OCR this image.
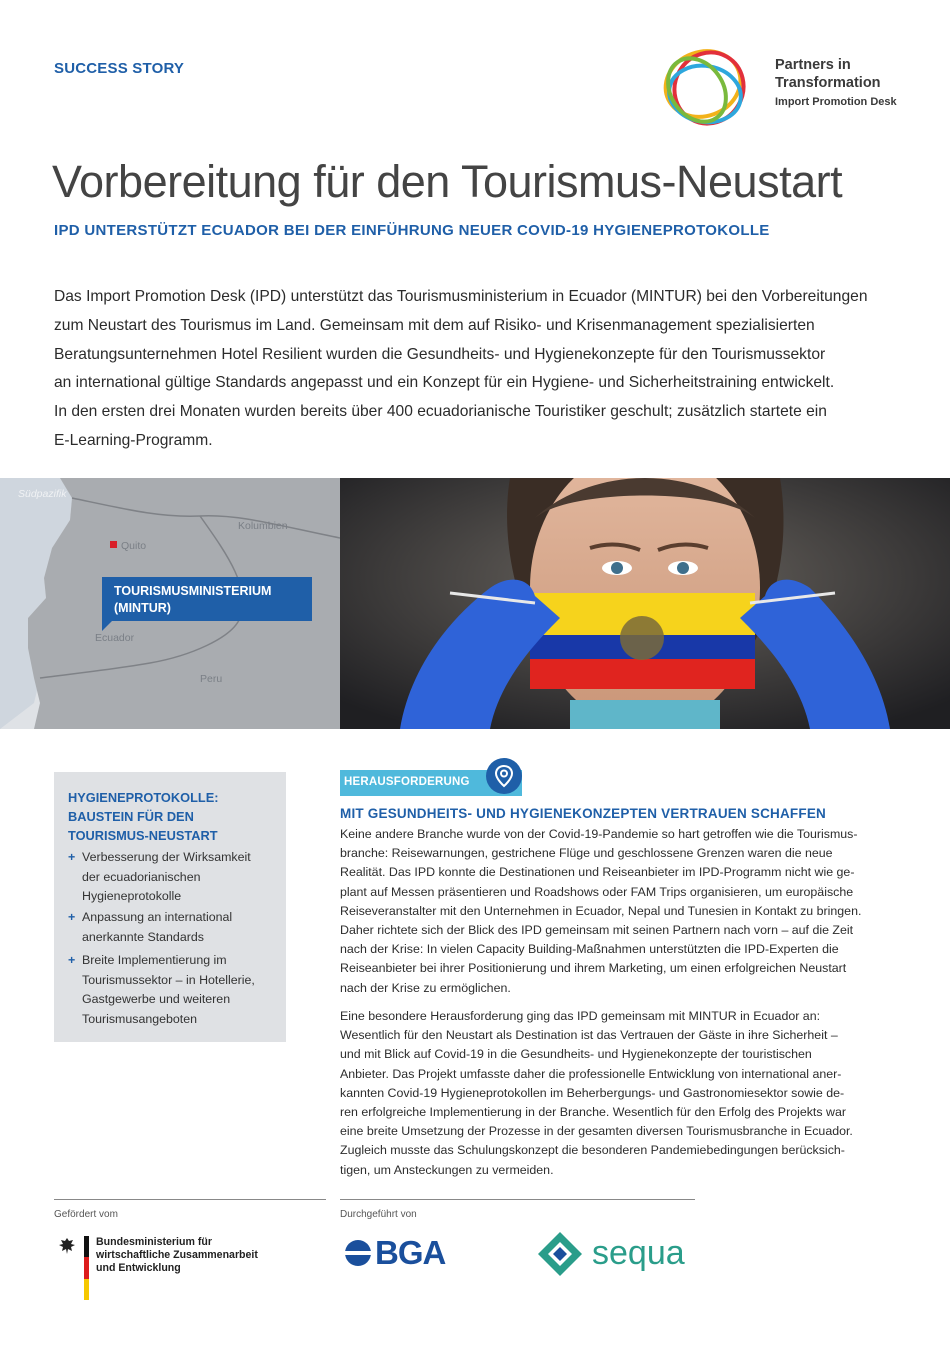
SUCCESS STORY	Partners in
Transformation
Import Promotion Desk
Vorbereitung für den Tourismus-Neustart
IPD UNTERSTÜTZT ECUADOR BEI DER EINFÜHRUNG NEUER COVID-19 HYGIENEPROTOKOLLE

Das Import Promotion Desk (IPD) unterstützt das Tourismusministerium in Ecuador (MINTUR) bei den Vorbereitungen

zum Neustart des Tourismus im Land. Gemeinsam mit dem auf Risiko- und Krisenmanagement spezialisierten

Beratungsunternehmen Hotel Resilient wurden die Gesundheits- und Hygienekonzepte für den Tourismussektor

an international gültige Standards angepasst und ein Konzept für ein Hygiene- und Sicherheitstraining entwickelt.

In den ersten drei Monaten wurden bereits über 400 ecuadorianische Touristiker geschult; zusätzlich startete ein

E-Learning-Programm.

Südpazifik
Kolumbien
Quito
Ecuador
Peru
TOURISMUSMINISTERIUM
(MINTUR)
HYGIENEPROTOKOLLE:
BAUSTEIN FÜR DEN
TOURISMUS-NEUSTART
+ Verbesserung der Wirksamkeit
der ecuadorianischen
Hygieneprotokolle
+ Anpassung an international
anerkannte Standards
+ Breite Implementierung im
Tourismussektor – in Hotellerie,
Gastgewerbe und weiteren
Tourismusangeboten
HERAUSFORDERUNG
MIT GESUNDHEITS- UND HYGIENEKONZEPTEN VERTRAUEN SCHAFFEN

Keine andere Branche wurde von der Covid-19-Pandemie so hart getroffen wie die Tourismus-

branche: Reisewarnungen, gestrichene Flüge und geschlossene Grenzen waren die neue

Realität. Das IPD konnte die Destinationen und Reiseanbieter im IPD-Programm nicht wie ge-

plant auf Messen präsentieren und Roadshows oder FAM Trips organisieren, um europäische

Reiseveranstalter mit den Unternehmen in Ecuador, Nepal und Tunesien in Kontakt zu bringen.

Daher richtete sich der Blick des IPD gemeinsam mit seinen Partnern nach vorn – auf die Zeit

nach der Krise: In vielen Capacity Building-Maßnahmen unterstützten die IPD-Experten die

Reiseanbieter bei ihrer Positionierung und ihrem Marketing, um einen erfolgreichen Neustart

nach der Krise zu ermöglichen.

Eine besondere Herausforderung ging das IPD gemeinsam mit MINTUR in Ecuador an:

Wesentlich für den Neustart als Destination ist das Vertrauen der Gäste in ihre Sicherheit –

und mit Blick auf Covid-19 in die Gesundheits- und Hygienekonzepte der touristischen

Anbieter. Das Projekt umfasste daher die professionelle Entwicklung von international aner-

kannten Covid-19 Hygieneprotokollen im Beherbergungs- und Gastronomiesektor sowie de-

ren erfolgreiche Implementierung in der Branche. Wesentlich für den Erfolg des Projekts war

eine breite Umsetzung der Prozesse in der gesamten diversen Tourismusbranche in Ecuador.

Zugleich musste das Schulungskonzept die besonderen Pandemiebedingungen berücksich-

tigen, um Ansteckungen zu vermeiden.

Gefördert vom	Durchgeführt von
Bundesministerium für
wirtschaftliche Zusammenarbeit
und Entwicklung	BGA	sequa
